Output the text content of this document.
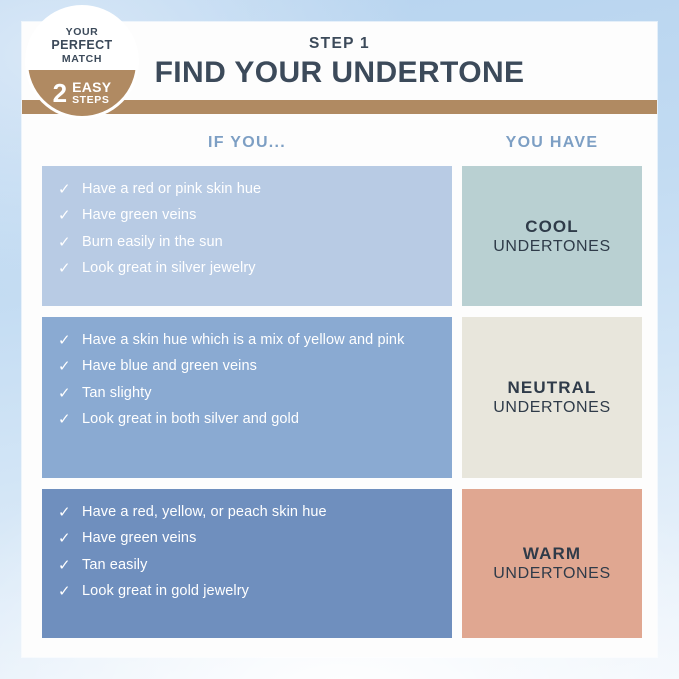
STEP 1
FIND YOUR UNDERTONE
IF YOU...	YOU HAVE
✓ Have a red or pink skin hue
✓ Have green veins
✓ Burn easily in the sun
✓ Look great in silver jewelry
COOL
UNDERTONES
✓ Have a skin hue which is a mix of yellow and pink
✓ Have blue and green veins
✓ Tan slighty
✓ Look great in both silver and gold
NEUTRAL
UNDERTONES
✓ Have a red, yellow, or peach skin hue
✓ Have green veins
✓ Tan easily
✓ Look great in gold jewelry
WARM
UNDERTONES
YOUR
PERFECT
MATCH
2 EASY
STEPS
